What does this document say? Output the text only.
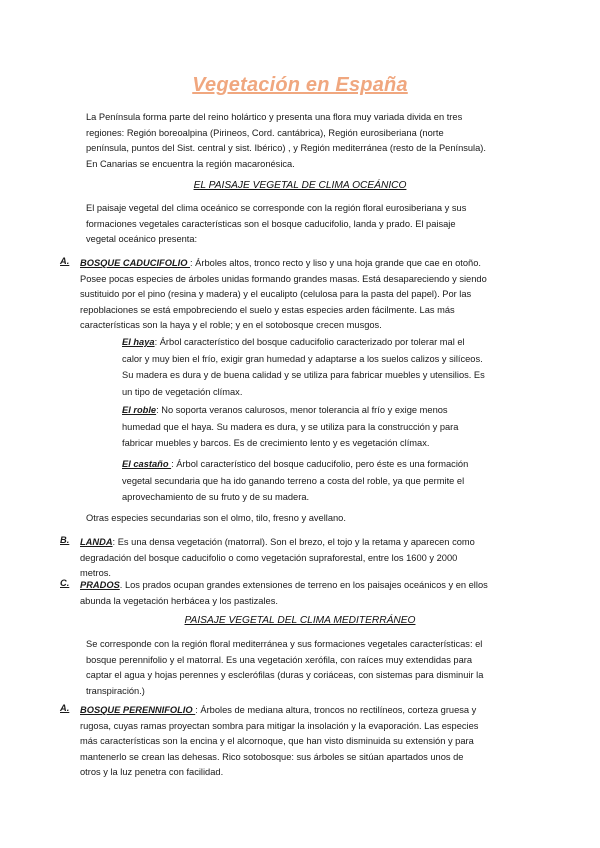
Vegetación en España
La Península forma parte del reino holártico y presenta una flora muy variada divida en tres
regiones: Región boreoalpina (Pirineos, Cord. cantábrica), Región eurosiberiana (norte
península, puntos del Sist. central y sist. Ibérico) , y Región mediterránea (resto de la Península).
En Canarias se encuentra la región macaronésica.
EL PAISAJE VEGETAL DE CLIMA OCEÁNICO
El paisaje vegetal del clima oceánico se corresponde con la región floral eurosiberiana y sus
formaciones vegetales características son el bosque caducifolio, landa y prado. El paisaje
vegetal oceánico presenta:
A. BOSQUE CADUCIFOLIO : Árboles altos, tronco recto y liso y una hoja grande que cae en otoño.
Posee pocas especies de árboles unidas formando grandes masas. Está desapareciendo y siendo
sustituido por el pino (resina y madera) y el eucalipto (celulosa para la pasta del papel). Por las
repoblaciones se está empobreciendo el suelo y estas especies arden fácilmente. Las más
características son la haya y el roble; y en el sotobosque crecen musgos.
El haya: Árbol característico del bosque caducifolio caracterizado por tolerar mal el
calor y muy bien el frío, exigir gran humedad y adaptarse a los suelos calizos y silíceos.
Su madera es dura y de buena calidad y se utiliza para fabricar muebles y utensilios. Es
un tipo de vegetación clímax.
El roble: No soporta veranos calurosos, menor tolerancia al frío y exige menos
humedad que el haya. Su madera es dura, y se utiliza para la construcción y para
fabricar muebles y barcos. Es de crecimiento lento y es vegetación clímax.
El castaño : Árbol característico del bosque caducifolio, pero éste es una formación
vegetal secundaria que ha ido ganando terreno a costa del roble, ya que permite el
aprovechamiento de su fruto y de su madera.
Otras especies secundarias son el olmo, tilo, fresno y avellano.
B. LANDA: Es una densa vegetación (matorral). Son el brezo, el tojo y la retama y aparecen como
degradación del bosque caducifolio o como vegetación supraforestal, entre los 1600 y 2000
metros.
C. PRADOS. Los prados ocupan grandes extensiones de terreno en los paisajes oceánicos y en ellos
abunda la vegetación herbácea y los pastizales.
PAISAJE VEGETAL DEL CLIMA MEDITERRÁNEO
Se corresponde con la región floral mediterránea y sus formaciones vegetales características: el
bosque perennifolio y el matorral. Es una vegetación xerófila, con raíces muy extendidas para
captar el agua y hojas perennes y esclerófilas (duras y coriáceas, con sistemas para disminuir la
transpiración.)
A. BOSQUE PERENNIFOLIO : Árboles de mediana altura, troncos no rectilíneos, corteza gruesa y
rugosa, cuyas ramas proyectan sombra para mitigar la insolación y la evaporación. Las especies
más características son la encina y el alcornoque, que han visto disminuida su extensión y para
mantenerlo se crean las dehesas. Rico sotobosque: sus árboles se sitúan apartados unos de
otros y la luz penetra con facilidad.
